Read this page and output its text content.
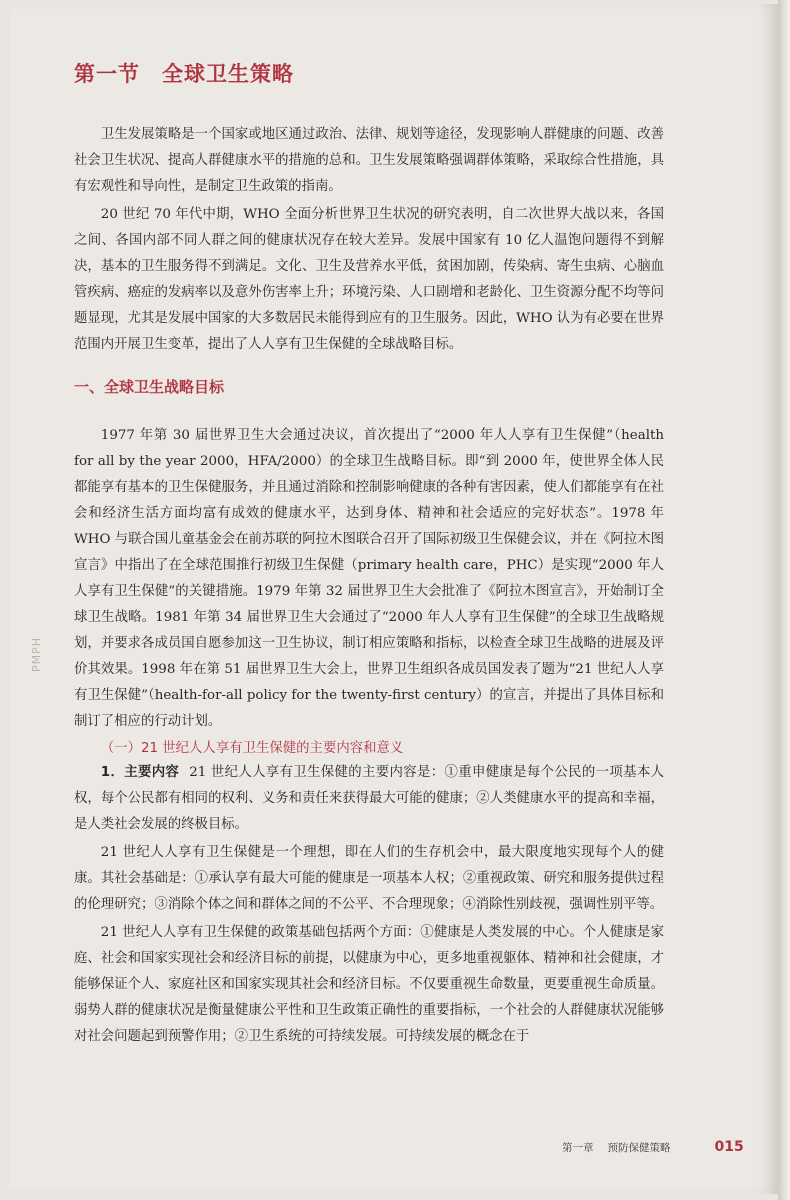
PMPH
第一节 全球卫生策略

卫生发展策略是一个国家或地区通过政治、法律、规划等途径，发现影响人群健康的问题、改善社会卫生状况、提高人群健康水平的措施的总和。卫生发展策略强调群体策略，采取综合性措施，具有宏观性和导向性，是制定卫生政策的指南。

20 世纪 70 年代中期，WHO 全面分析世界卫生状况的研究表明，自二次世界大战以来，各国之间、各国内部不同人群之间的健康状况存在较大差异。发展中国家有 10 亿人温饱问题得不到解决，基本的卫生服务得不到满足。文化、卫生及营养水平低，贫困加剧，传染病、寄生虫病、心脑血管疾病、癌症的发病率以及意外伤害率上升；环境污染、人口剧增和老龄化、卫生资源分配不均等问题显现，尤其是发展中国家的大多数居民未能得到应有的卫生服务。因此，WHO 认为有必要在世界范围内开展卫生变革，提出了人人享有卫生保健的全球战略目标。

一、全球卫生战略目标

1977 年第 30 届世界卫生大会通过决议，首次提出了“2000 年人人享有卫生保健”（health for all by the year 2000，HFA/2000）的全球卫生战略目标。即“到 2000 年，使世界全体人民都能享有基本的卫生保健服务，并且通过消除和控制影响健康的各种有害因素，使人们都能享有在社会和经济生活方面均富有成效的健康水平，达到身体、精神和社会适应的完好状态”。1978 年 WHO 与联合国儿童基金会在前苏联的阿拉木图联合召开了国际初级卫生保健会议，并在《阿拉木图宣言》中指出了在全球范围推行初级卫生保健（primary health care，PHC）是实现“2000 年人人享有卫生保健”的关键措施。1979 年第 32 届世界卫生大会批准了《阿拉木图宣言》，开始制订全球卫生战略。1981 年第 34 届世界卫生大会通过了“2000 年人人享有卫生保健”的全球卫生战略规划，并要求各成员国自愿参加这一卫生协议，制订相应策略和指标，以检查全球卫生战略的进展及评价其效果。1998 年在第 51 届世界卫生大会上，世界卫生组织各成员国发表了题为“21 世纪人人享有卫生保健”（health-for-all policy for the twenty-first century）的宣言，并提出了具体目标和制订了相应的行动计划。

（一）21 世纪人人享有卫生保健的主要内容和意义

1．主要内容 21 世纪人人享有卫生保健的主要内容是：①重申健康是每个公民的一项基本人权，每个公民都有相同的权利、义务和责任来获得最大可能的健康；②人类健康水平的提高和幸福，是人类社会发展的终极目标。

21 世纪人人享有卫生保健是一个理想，即在人们的生存机会中，最大限度地实现每个人的健康。其社会基础是：①承认享有最大可能的健康是一项基本人权；②重视政策、研究和服务提供过程的伦理研究；③消除个体之间和群体之间的不公平、不合理现象；④消除性别歧视，强调性别平等。

21 世纪人人享有卫生保健的政策基础包括两个方面：①健康是人类发展的中心。个人健康是家庭、社会和国家实现社会和经济目标的前提，以健康为中心，更多地重视躯体、精神和社会健康，才能够保证个人、家庭社区和国家实现其社会和经济目标。不仅要重视生命数量，更要重视生命质量。弱势人群的健康状况是衡量健康公平性和卫生政策正确性的重要指标，一个社会的人群健康状况能够对社会问题起到预警作用；②卫生系统的可持续发展。可持续发展的概念在于

第一章 预防保健策略	015
